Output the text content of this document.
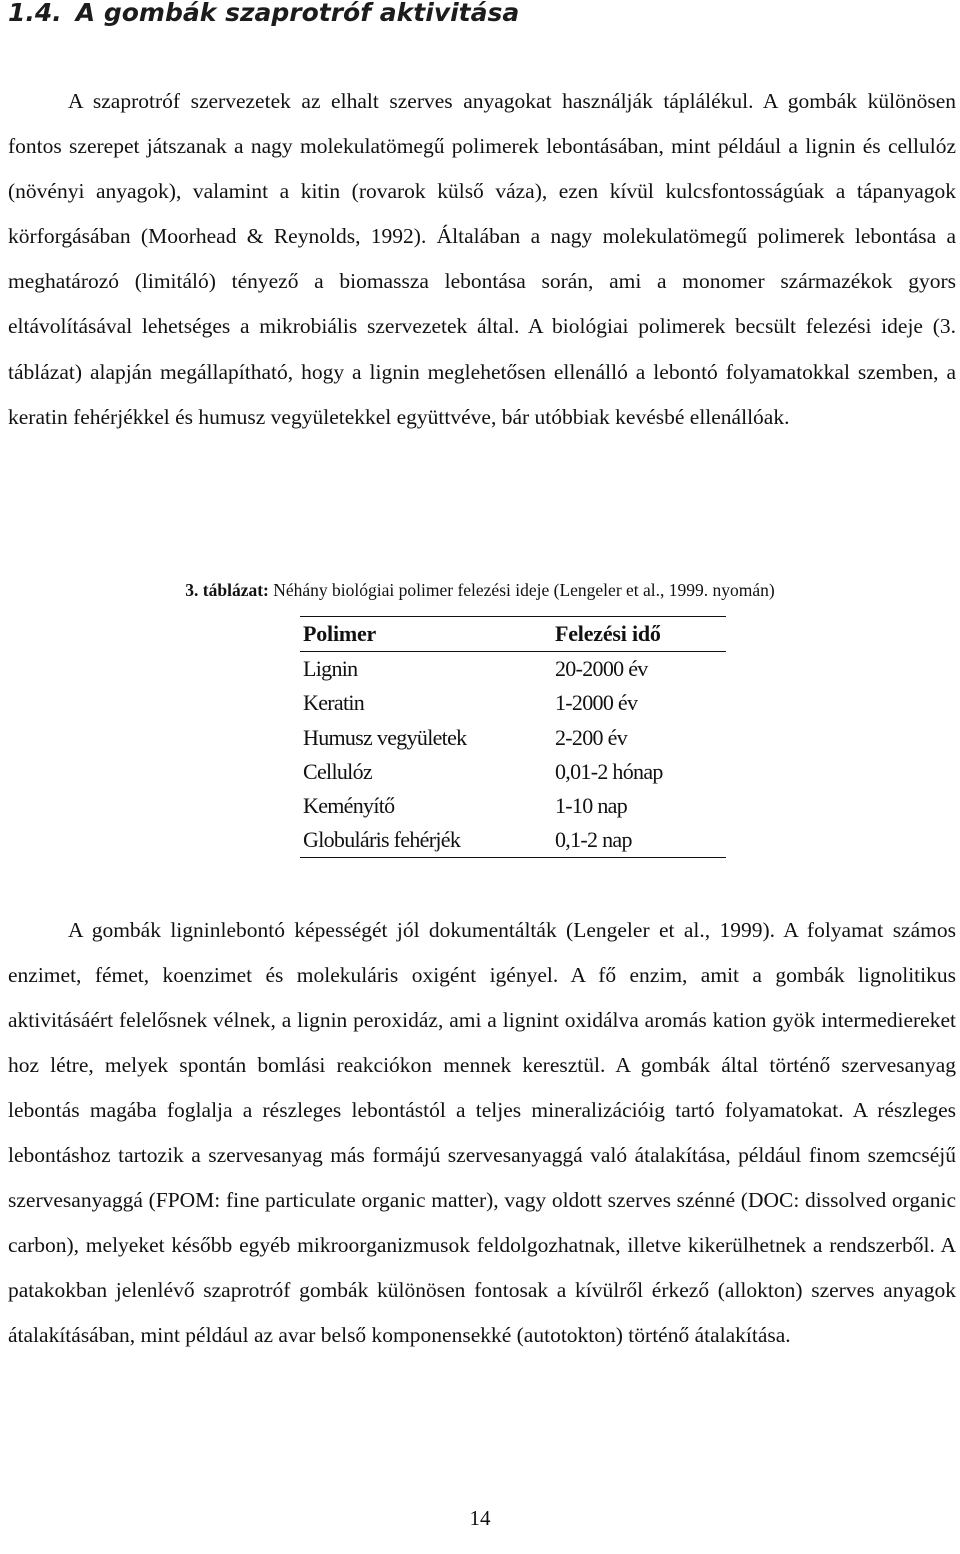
1.4. A gombák szaprotróf aktivitása

A szaprotróf szervezetek az elhalt szerves anyagokat használják táplálékul. A gombák különösen fontos szerepet játszanak a nagy molekulatömegű polimerek lebontásában, mint például a lignin és cellulóz (növényi anyagok), valamint a kitin (rovarok külső váza), ezen kívül kulcsfontosságúak a tápanyagok körforgásában (Moorhead & Reynolds, 1992). Általában a nagy molekulatömegű polimerek lebontása a meghatározó (limitáló) tényező a biomassza lebontása során, ami a monomer származékok gyors eltávolításával lehetséges a mikrobiális szervezetek által. A biológiai polimerek becsült felezési ideje (3. táblázat) alapján megállapítható, hogy a lignin meglehetősen ellenálló a lebontó folyamatokkal szemben, a keratin fehérjékkel és humusz vegyületekkel együttvéve, bár utóbbiak kevésbé ellenállóak.

3. táblázat: Néhány biológiai polimer felezési ideje (Lengeler et al., 1999. nyomán)

Polimer	Felezési idő
Lignin	20-2000 év
Keratin	1-2000 év
Humusz vegyületek	2-200 év
Cellulóz	0,01-2 hónap
Keményítő	1-10 nap
Globuláris fehérjék	0,1-2 nap

A gombák ligninlebontó képességét jól dokumentálták (Lengeler et al., 1999). A folyamat számos enzimet, fémet, koenzimet és molekuláris oxigént igényel. A fő enzim, amit a gombák lignolitikus aktivitásáért felelősnek vélnek, a lignin peroxidáz, ami a lignint oxidálva aromás kation gyök intermediereket hoz létre, melyek spontán bomlási reakciókon mennek keresztül. A gombák által történő szervesanyag lebontás magába foglalja a részleges lebontástól a teljes mineralizációig tartó folyamatokat. A részleges lebontáshoz tartozik a szervesanyag más formájú szervesanyaggá való átalakítása, például finom szemcséjű szervesanyaggá (FPOM: fine particulate organic matter), vagy oldott szerves szénné (DOC: dissolved organic carbon), melyeket később egyéb mikroorganizmusok feldolgozhatnak, illetve kikerülhetnek a rendszerből. A patakokban jelenlévő szaprotróf gombák különösen fontosak a kívülről érkező (allokton) szerves anyagok átalakításában, mint például az avar belső komponensekké (autotokton) történő átalakítása.

14
